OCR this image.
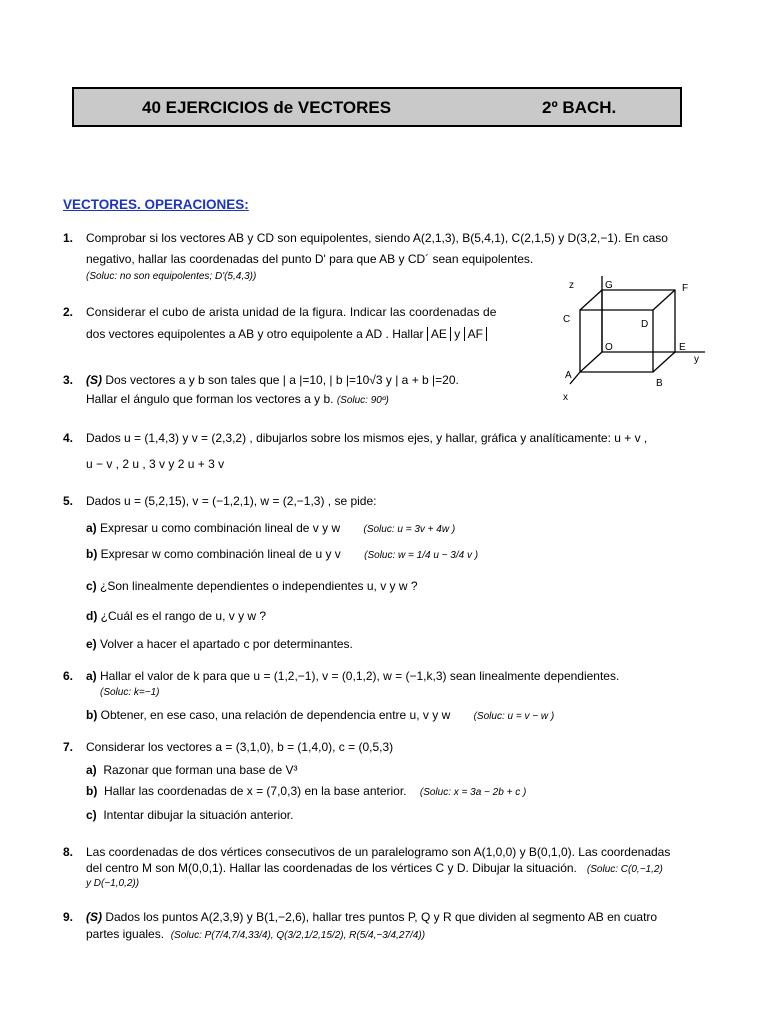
40 EJERCICIOS de VECTORES	2º BACH.
VECTORES. OPERACIONES:
1. Comprobar si los vectores AB y CD son equipolentes, siendo A(2,1,3), B(5,4,1), C(2,1,5) y D(3,2,−1). En caso
negativo, hallar las coordenadas del punto D' para que AB y CD´ sean equipolentes.
(Soluc: no son equipolentes; D'(5,4,3))
2. Considerar el cubo de arista unidad de la figura. Indicar las coordenadas de
dos vectores equipolentes a AB y otro equipolente a AD . Hallar AE y AF
3. (S) Dos vectores a y b son tales que | a |=10, | b |=10√3 y | a + b |=20.
Hallar el ángulo que forman los vectores a y b. (Soluc: 90º)
4. Dados u = (1,4,3) y v = (2,3,2) , dibujarlos sobre los mismos ejes, y hallar, gráfica y analíticamente: u + v ,
u − v , 2 u , 3 v y 2 u + 3 v
5. Dados u = (5,2,15), v = (−1,2,1), w = (2,−1,3) , se pide:
a) Expresar u como combinación lineal de v y w (Soluc: u = 3v + 4w )
b) Expresar w como combinación lineal de u y v (Soluc: w = 1/4 u − 3/4 v )
c) ¿Son linealmente dependientes o independientes u, v y w ?
d) ¿Cuál es el rango de u, v y w ?
e) Volver a hacer el apartado c por determinantes.
6. a) Hallar el valor de k para que u = (1,2,−1), v = (0,1,2), w = (−1,k,3) sean linealmente dependientes.
(Soluc: k=−1)
b) Obtener, en ese caso, una relación de dependencia entre u, v y w (Soluc: u = v − w )
7. Considerar los vectores a = (3,1,0), b = (1,4,0), c = (0,5,3)
a) Razonar que forman una base de V³
b) Hallar las coordenadas de x = (7,0,3) en la base anterior. (Soluc: x = 3a − 2b + c )
c) Intentar dibujar la situación anterior.
8. Las coordenadas de dos vértices consecutivos de un paralelogramo son A(1,0,0) y B(0,1,0). Las coordenadas
del centro M son M(0,0,1). Hallar las coordenadas de los vértices C y D. Dibujar la situación. (Soluc: C(0,−1,2)
y D(−1,0,2))
9. (S) Dados los puntos A(2,3,9) y B(1,−2,6), hallar tres puntos P, Q y R que dividen al segmento AB en cuatro
partes iguales. (Soluc: P(7/4,7/4,33/4), Q(3/2,1/2,15/2), R(5/4,−3/4,27/4))
z	G	F
C	D
O	E
y
A
B
x
